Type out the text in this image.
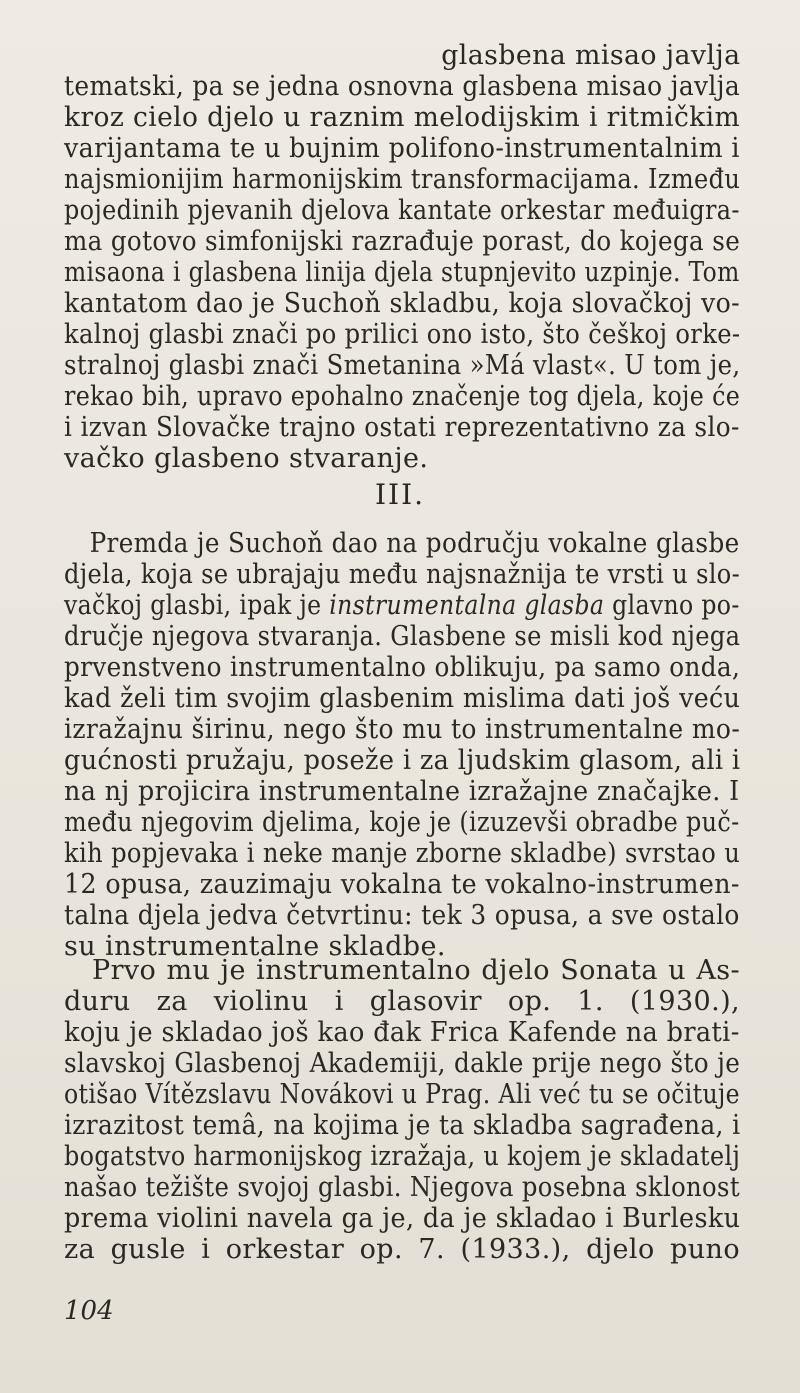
glasbena misao javlja
tematski, pa se jedna osnovna glasbena misao javlja
kroz cielo djelo u raznim melodijskim i ritmičkim
varijantama te u bujnim polifono-instrumentalnim i
najsmionijim harmonijskim transformacijama. Između
pojedinih pjevanih djelova kantate orkestar međuigra-
ma gotovo simfonijski razrađuje porast, do kojega se
misaona i glasbena linija djela stupnjevito uzpinje. Tom
kantatom dao je Suchoň skladbu, koja slovačkoj vo-
kalnoj glasbi znači po prilici ono isto, što češkoj orke-
stralnoj glasbi znači Smetanina »Má vlast«. U tom je,
rekao bih, upravo epohalno značenje tog djela, koje će
i izvan Slovačke trajno ostati reprezentativno za slo-
vačko glasbeno stvaranje.
III.
Premda je Suchoň dao na području vokalne glasbe
djela, koja se ubrajaju među najsnažnija te vrsti u slo-
vačkoj glasbi, ipak je instrumentalna glasba glavno po-
dručje njegova stvaranja. Glasbene se misli kod njega
prvenstveno instrumentalno oblikuju, pa samo onda,
kad želi tim svojim glasbenim mislima dati još veću
izražajnu širinu, nego što mu to instrumentalne mo-
gućnosti pružaju, poseže i za ljudskim glasom, ali i
na nj projicira instrumentalne izražajne značajke. I
među njegovim djelima, koje je (izuzevši obradbe puč-
kih popjevaka i neke manje zborne skladbe) svrstao u
12 opusa, zauzimaju vokalna te vokalno-instrumen-
talna djela jedva četvrtinu: tek 3 opusa, a sve ostalo
su instrumentalne skladbe.
Prvo mu je instrumentalno djelo Sonata u As-
duru za violinu i glasovir op. 1. (1930.),
koju je skladao još kao đak Frica Kafende na brati-
slavskoj Glasbenoj Akademiji, dakle prije nego što je
otišao Vítězslavu Novákovi u Prag. Ali već tu se očituje
izrazitost temâ, na kojima je ta skladba sagrađena, i
bogatstvo harmonijskog izražaja, u kojem je skladatelj
našao težište svojoj glasbi. Njegova posebna sklonost
prema violini navela ga je, da je skladao i Burlesku
za gusle i orkestar op. 7. (1933.), djelo puno
104
